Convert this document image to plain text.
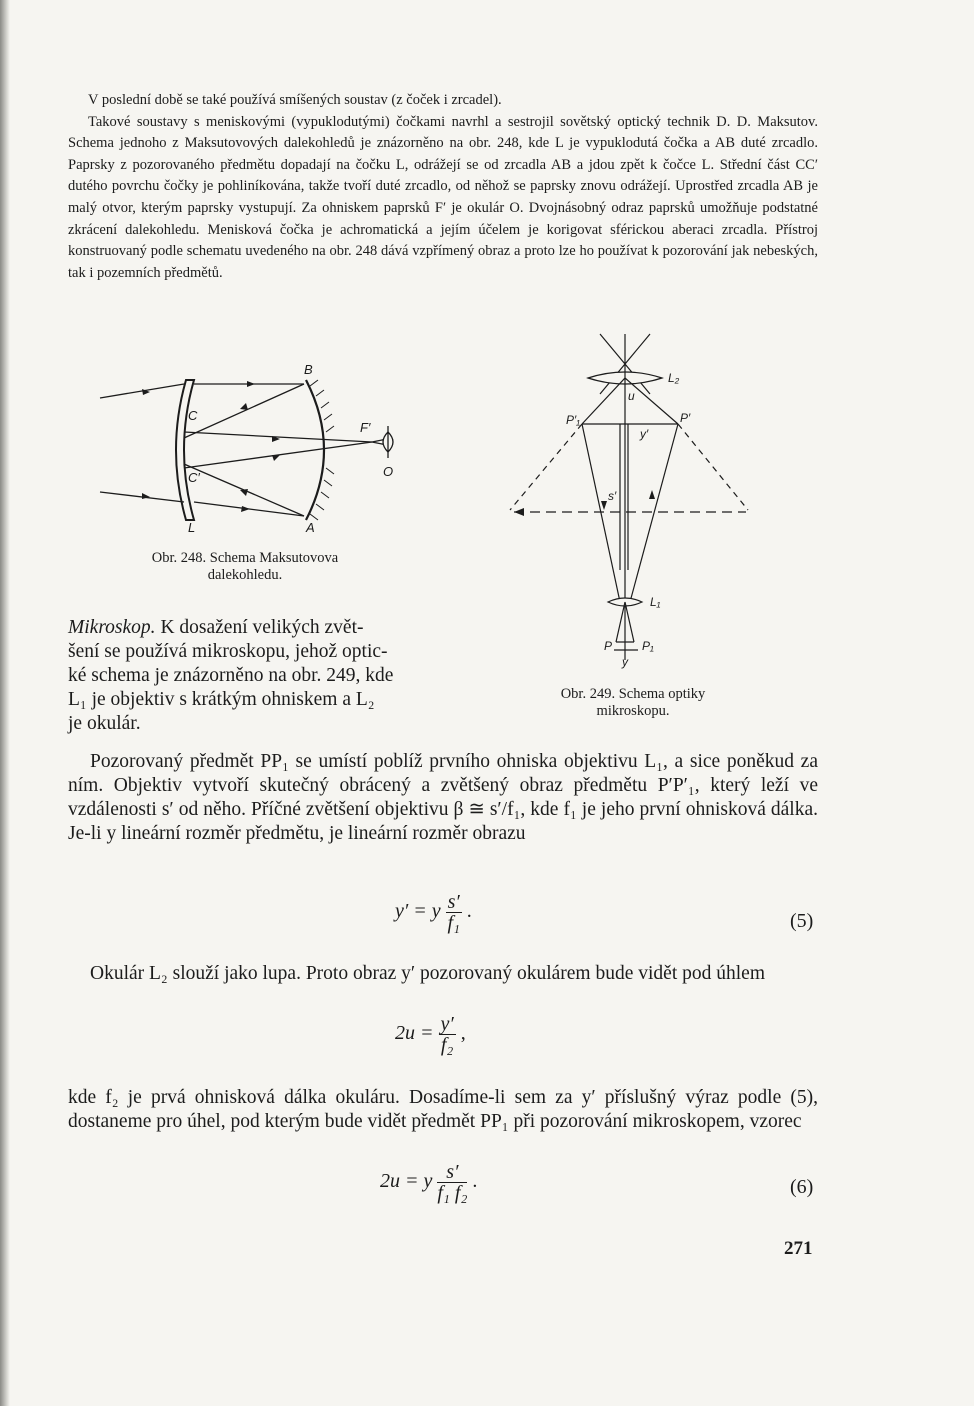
V poslední době se také používá smíšených soustav (z čoček i zrcadel).

Takové soustavy s meniskovými (vypuklodutými) čočkami navrhl a sestrojil sovětský optický technik D. D. Maksutov. Schema jednoho z Maksutovových dalekohledů je znázorněno na obr. 248, kde L je vypuklodutá čočka a AB duté zrcadlo. Paprsky z pozorovaného předmětu dopadají na čočku L, odrážejí se od zrcadla AB a jdou zpět k čočce L. Střední část CC′ dutého povrchu čočky je pohliníkována, takže tvoří duté zrcadlo, od něhož se paprsky znovu odrážejí. Uprostřed zrcadla AB je malý otvor, kterým paprsky vystupují. Za ohniskem paprsků F′ je okulár O. Dvojnásobný odraz paprsků umožňuje podstatné zkrácení dalekohledu. Menisková čočka je achromatická a jejím účelem je korigovat sférickou aberaci zrcadla. Přístroj konstruovaný podle schematu uvedeného na obr. 248 dává vzpřímený obraz a proto lze ho používat k pozorování jak nebeských, tak i pozemních předmětů.

B
C
C′
F′
O
L	A
Obr. 248. Schema Maksutovova
dalekohledu.
L₂
u
P′₁	P′
y′
s′
L₁
P P₁
y
Obr. 249. Schema optiky
mikroskopu.
Mikroskop. K dosažení velikých zvět-
šení se používá mikroskopu, jehož optic-
ké schema je znázorněno na obr. 249, kde
L₁ je objektiv s krátkým ohniskem a L₂
je okulár.

Pozorovaný předmět PP₁ se umístí poblíž prvního ohniska objektivu L₁, a sice poněkud za ním. Objektiv vytvoří skutečný obrácený a zvětšený obraz předmětu P′P′₁, který leží ve vzdálenosti s′ od něho. Příčné zvětšení objektivu β ≅ s′/f₁, kde f₁ je jeho první ohnisková dálka. Je-li y lineární rozměr předmětu, je lineární rozměr obrazu

y′ = y $\frac{s'}{\text{f₁}}$ .	(5)

Okulár L₂ slouží jako lupa. Proto obraz y′ pozorovaný okulárem bude vidět pod úhlem

$2u = \frac{y'}{\text{f₂}}$ ,

kde f₂ je prvá ohnisková dálka okuláru. Dosadíme-li sem za y′ příslušný výraz podle (5), dostaneme pro úhel, pod kterým bude vidět předmět PP₁ při pozorování mikroskopem, vzorec

2u = y $\frac{s'}{\text{f₁ f₂}}$ .	(6)
271
